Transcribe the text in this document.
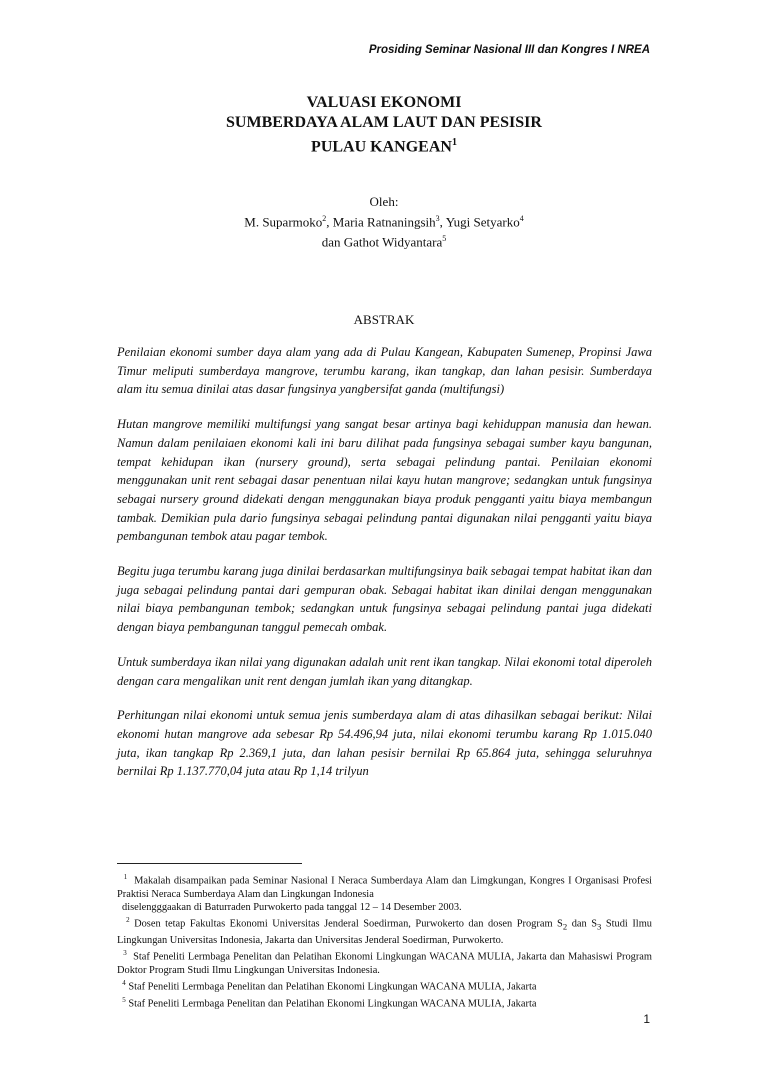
Prosiding Seminar Nasional III dan Kongres I NREA
VALUASI EKONOMI
SUMBERDAYA ALAM LAUT DAN PESISIR
PULAU KANGEAN$^1$
Oleh:
M. Suparmoko$^2$, Maria Ratnaningsih$^3$, Yugi Setyarko$^4$
dan Gathot Widyantara$^5$
ABSTRAK

Penilaian ekonomi sumber daya alam yang ada di Pulau Kangean, Kabupaten Sumenep, Propinsi Jawa Timur meliputi sumberdaya mangrove, terumbu karang, ikan tangkap, dan lahan pesisir. Sumberdaya alam itu semua dinilai atas dasar fungsinya yangbersifat ganda (multifungsi)

Hutan mangrove memiliki multifungsi yang sangat besar artinya bagi kehiduppan manusia dan hewan. Namun dalam penilaiaen ekonomi kali ini baru dilihat pada fungsinya sebagai sumber kayu bangunan, tempat kehidupan ikan (nursery ground), serta sebagai pelindung pantai. Penilaian ekonomi menggunakan unit rent sebagai dasar penentuan nilai kayu hutan mangrove; sedangkan untuk fungsinya sebagai nursery ground didekati dengan menggunakan biaya produk pengganti yaitu biaya membangun tambak. Demikian pula dario fungsinya sebagai pelindung pantai digunakan nilai pengganti yaitu biaya pembangunan tembok atau pagar tembok.

Begitu juga terumbu karang juga dinilai berdasarkan multifungsinya baik sebagai tempat habitat ikan dan juga sebagai pelindung pantai dari gempuran obak. Sebagai habitat ikan dinilai dengan menggunakan nilai biaya pembangunan tembok; sedangkan untuk fungsinya sebagai pelindung pantai juga didekati dengan biaya pembangunan tanggul pemecah ombak.

Untuk sumberdaya ikan nilai yang digunakan adalah unit rent ikan tangkap. Nilai ekonomi total diperoleh dengan cara mengalikan unit rent dengan jumlah ikan yang ditangkap.

Perhitungan nilai ekonomi untuk semua jenis sumberdaya alam di atas dihasilkan sebagai berikut: Nilai ekonomi hutan mangrove ada sebesar Rp 54.496,94 juta, nilai ekonomi terumbu karang Rp 1.015.040 juta, ikan tangkap Rp 2.369,1 juta, dan lahan pesisir bernilai Rp 65.864 juta, sehingga seluruhnya bernilai Rp 1.137.770,04 juta atau Rp 1,14 trilyun

$^1$ Makalah disampaikan pada Seminar Nasional I Neraca Sumberdaya Alam dan Limgkungan, Kongres I Organisasi Profesi Praktisi Neraca Sumberdaya Alam dan Lingkungan Indonesia

diselengggaakan di Baturraden Purwokerto pada tanggal 12 – 14 Desember 2003.

$^2$ Dosen tetap Fakultas Ekonomi Universitas Jenderal Soedirman, Purwokerto dan dosen Program $S_2$ dan $S_3$ Studi Ilmu Lingkungan Universitas Indonesia, Jakarta dan Universitas Jenderal Soedirman, Purwokerto.

$^3$ Staf Peneliti Lermbaga Penelitan dan Pelatihan Ekonomi Lingkungan WACANA MULIA, Jakarta dan Mahasiswi Program Doktor Program Studi Ilmu Lingkungan Universitas Indonesia.

$^4$ Staf Peneliti Lermbaga Penelitan dan Pelatihan Ekonomi Lingkungan WACANA MULIA, Jakarta

$^5$ Staf Peneliti Lermbaga Penelitan dan Pelatihan Ekonomi Lingkungan WACANA MULIA, Jakarta

1
